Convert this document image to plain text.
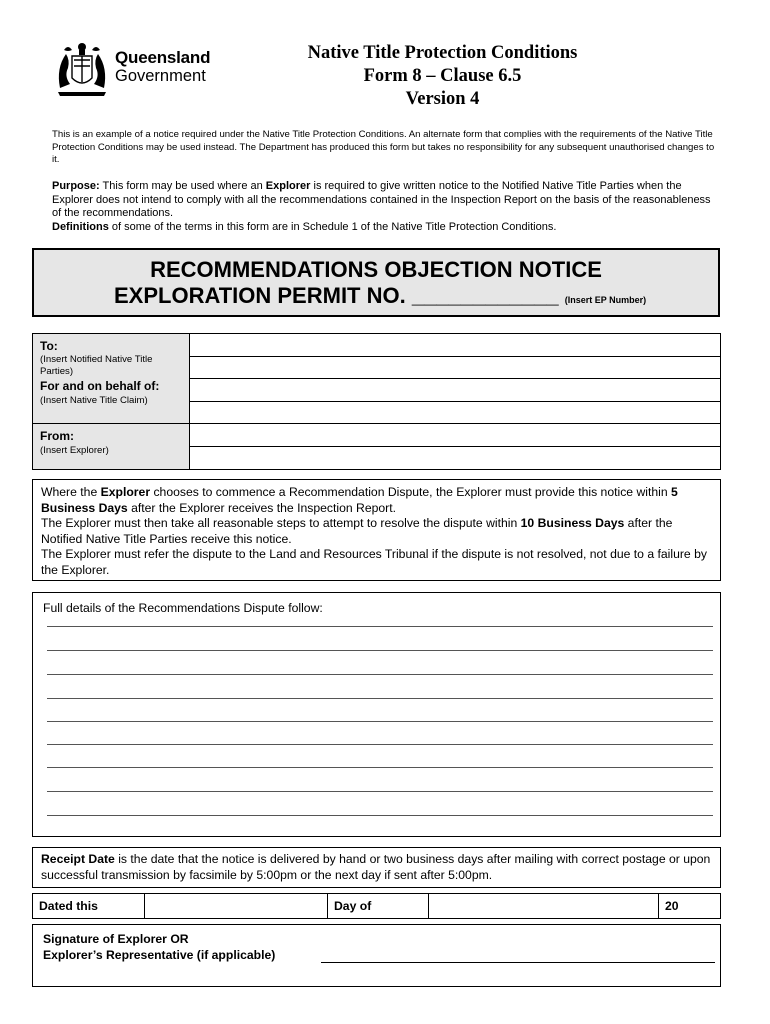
Queensland
Government
Native Title Protection Conditions
Form 8 – Clause 6.5
Version 4
This is an example of a notice required under the Native Title Protection Conditions. An alternate form that complies with the requirements of the Native Title Protection Conditions may be used instead. The Department has produced this form but takes no responsibility for any subsequent unauthorised changes to it.
Purpose: This form may be used where an Explorer is required to give written notice to the Notified Native Title Parties when the Explorer does not intend to comply with all the recommendations contained in the Inspection Report on the basis of the reasonableness of the recommendations.
Definitions of some of the terms in this form are in Schedule 1 of the Native Title Protection Conditions.
RECOMMENDATIONS OBJECTION NOTICE
EXPLORATION PERMIT NO. ____________ (Insert EP Number)
To:
(Insert Notified Native Title Parties)
For and on behalf of:
(Insert Native Title Claim)
From:
(Insert Explorer)
Where the Explorer chooses to commence a Recommendation Dispute, the Explorer must provide this notice within 5 Business Days after the Explorer receives the Inspection Report.
The Explorer must then take all reasonable steps to attempt to resolve the dispute within 10 Business Days after the Notified Native Title Parties receive this notice.
The Explorer must refer the dispute to the Land and Resources Tribunal if the dispute is not resolved, not due to a failure by the Explorer.
Full details of the Recommendations Dispute follow:
Receipt Date is the date that the notice is delivered by hand or two business days after mailing with correct postage or upon successful transmission by facsimile by 5:00pm or the next day if sent after 5:00pm.
Dated this	Day of	20
Signature of Explorer OR
Explorer’s Representative (if applicable)
